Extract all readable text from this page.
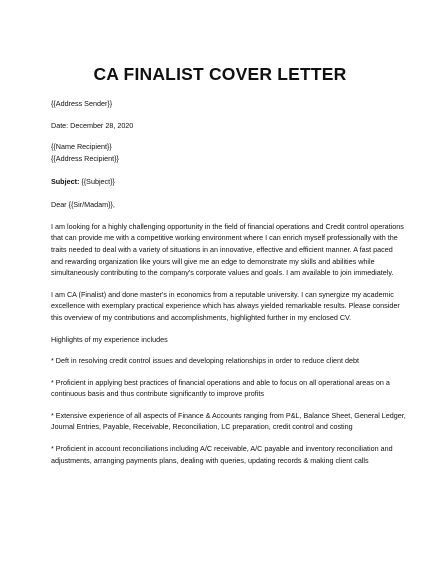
CA FINALIST COVER LETTER
{{Address Sender}}
Date: December 28, 2020
{{Name Recipient}}
{{Address Recipient}}
Subject: {{Subject}}
Dear {{Sir/Madam}},

I am looking for a highly challenging opportunity in the field of financial operations and Credit control operations that can provide me with a competitive working environment where I can enrich myself professionally with the traits needed to deal with a variety of situations in an innovative, effective and efficient manner. A fast paced and rewarding organization like yours will give me an edge to demonstrate my skills and abilities while simultaneously contributing to the company's corporate values and goals. I am available to join immediately.

I am CA (Finalist) and done master's in economics from a reputable university. I can synergize my academic excellence with exemplary practical experience which has always yielded remarkable results. Please consider this overview of my contributions and accomplishments, highlighted further in my enclosed CV.

Highlights of my experience includes

* Deft in resolving credit control issues and developing relationships in order to reduce client debt

* Proficient in applying best practices of financial operations and able to focus on all operational areas on a continuous basis and thus contribute significantly to improve profits

* Extensive experience of all aspects of Finance & Accounts ranging from P&L, Balance Sheet, General Ledger, Journal Entries, Payable, Receivable, Reconciliation, LC preparation, credit control and costing

* Proficient in account reconciliations including A/C receivable, A/C payable and inventory reconciliation and adjustments, arranging payments plans, dealing with queries, updating records & making client calls
